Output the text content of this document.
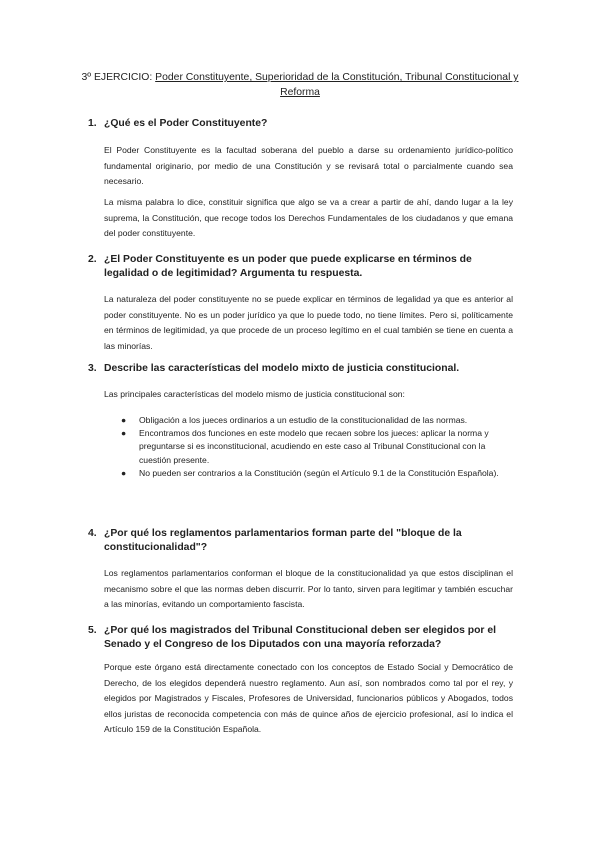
3º EJERCICIO: Poder Constituyente, Superioridad de la Constitución, Tribunal Constitucional y Reforma
1. ¿Qué es el Poder Constituyente?
El Poder Constituyente es la facultad soberana del pueblo a darse su ordenamiento jurídico-político fundamental originario, por medio de una Constitución y se revisará total o parcialmente cuando sea necesario.
La misma palabra lo dice, constituir significa que algo se va a crear a partir de ahí, dando lugar a la ley suprema, la Constitución, que recoge todos los Derechos Fundamentales de los ciudadanos y que emana del poder constituyente.
2. ¿El Poder Constituyente es un poder que puede explicarse en términos de legalidad o de legitimidad? Argumenta tu respuesta.
La naturaleza del poder constituyente no se puede explicar en términos de legalidad ya que es anterior al poder constituyente. No es un poder jurídico ya que lo puede todo, no tiene límites. Pero si, políticamente en términos de legitimidad, ya que procede de un proceso legítimo en el cual también se tiene en cuenta a las minorías.
3. Describe las características del modelo mixto de justicia constitucional.
Las principales características del modelo mismo de justicia constitucional son:
● Obligación a los jueces ordinarios a un estudio de la constitucionalidad de las normas.
● Encontramos dos funciones en este modelo que recaen sobre los jueces: aplicar la norma y preguntarse si es inconstitucional, acudiendo en este caso al Tribunal Constitucional con la cuestión presente.
● No pueden ser contrarios a la Constitución (según el Artículo 9.1 de la Constitución Española).
4. ¿Por qué los reglamentos parlamentarios forman parte del "bloque de la constitucionalidad"?
Los reglamentos parlamentarios conforman el bloque de la constitucionalidad ya que estos disciplinan el mecanismo sobre el que las normas deben discurrir. Por lo tanto, sirven para legitimar y también escuchar a las minorías, evitando un comportamiento fascista.
5. ¿Por qué los magistrados del Tribunal Constitucional deben ser elegidos por el Senado y el Congreso de los Diputados con una mayoría reforzada?
Porque este órgano está directamente conectado con los conceptos de Estado Social y Democrático de Derecho, de los elegidos dependerá nuestro reglamento. Aun así, son nombrados como tal por el rey, y elegidos por Magistrados y Fiscales, Profesores de Universidad, funcionarios públicos y Abogados, todos ellos juristas de reconocida competencia con más de quince años de ejercicio profesional, así lo indica el Artículo 159 de la Constitución Española.
